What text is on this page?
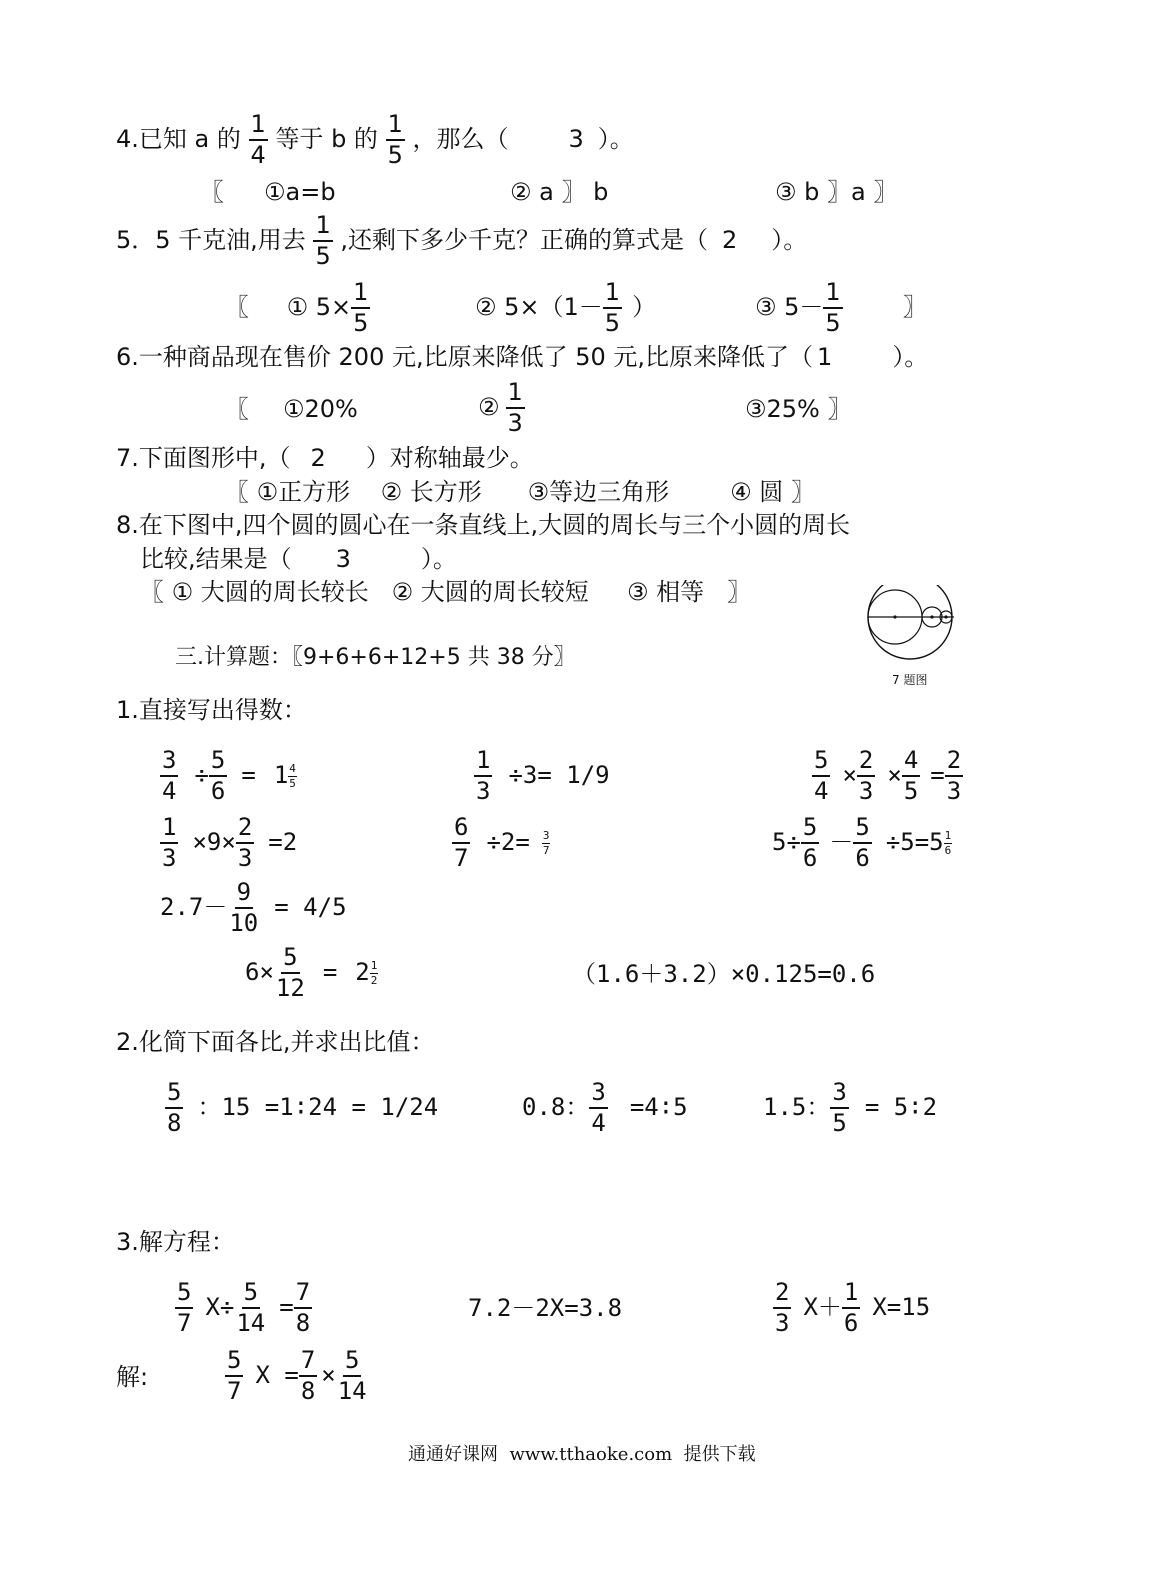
4.已知 a 的 $\frac{1}{4}$ 等于 b 的 $\frac{1}{5}$ ，那么（	3 ）。
〖 ①a=b	② a 〗 b	③ b 〗a 〗
5．5 千克油,用去 $\frac{1}{5}$ ,还剩下多少千克？正确的算式是（ 2 ）。
〖 ① $5\times \frac{1}{5}$	② $5\times(1- \frac{1}{5}$ ）	③ $5- \frac{1}{5}$	〗
6.一种商品现在售价 200 元,比原来降低了 50 元,比原来降低了（ 1	）。
〖 ①20%	② $\frac{1}{3}$	③25% 〗
7.下面图形中,（ 2 ）对称轴最少。
〖 ①正方形    ② 长方形      ③等边三角形        ④ 圆 〗
8.在下图中,四个圆的圆心在一条直线上,大圆的周长与三个小圆的周长
比较,结果是（ 3	）。
〖 ① 大圆的周长较长   ② 大圆的周长较短     ③ 相等   〗
7 题图
三.计算题：〖9+6+6+12+5 共 38 分〗
1.直接写出得数：
$\frac{3}{4} \div \frac{5}{6} = 1 \frac{4}{5}$	$\frac{1}{3} \div 3= 1/9$	$\frac{5}{4} \times \frac{2}{3} \times \frac{4}{5} = \frac{2}{3}$
$\frac{1}{3} \times 9\times \frac{2}{3} =2$	$\frac{6}{7} \div 2= \frac{3}{7}$	$5\div \frac{5}{6} - \frac{5}{6} \div 5=5 \frac{1}{6}$
$2.7- \frac{9}{10} = 4/5$
$6\times \frac{5}{12} = 2 \frac{1}{2}$	（1.6＋3.2）×0.125=0.6
2.化简下面各比,并求出比值：
$\frac{5}{8}$ ：15 =1∶24 = 1/24	0.8： $\frac{3}{4}$ =4∶5	1.5： $\frac{3}{5}$ = 5∶2
3.解方程：
$\frac{5}{7} X\div \frac{5}{14} = \frac{7}{8}$	7.2－2X=3.8	$\frac{2}{3} X+ \frac{1}{6} X=15$
解:	$\frac{5}{7}$ $X = \frac{7}{8} \times \frac{5}{14}$
通通好课网  www.tthaoke.com  提供下载
